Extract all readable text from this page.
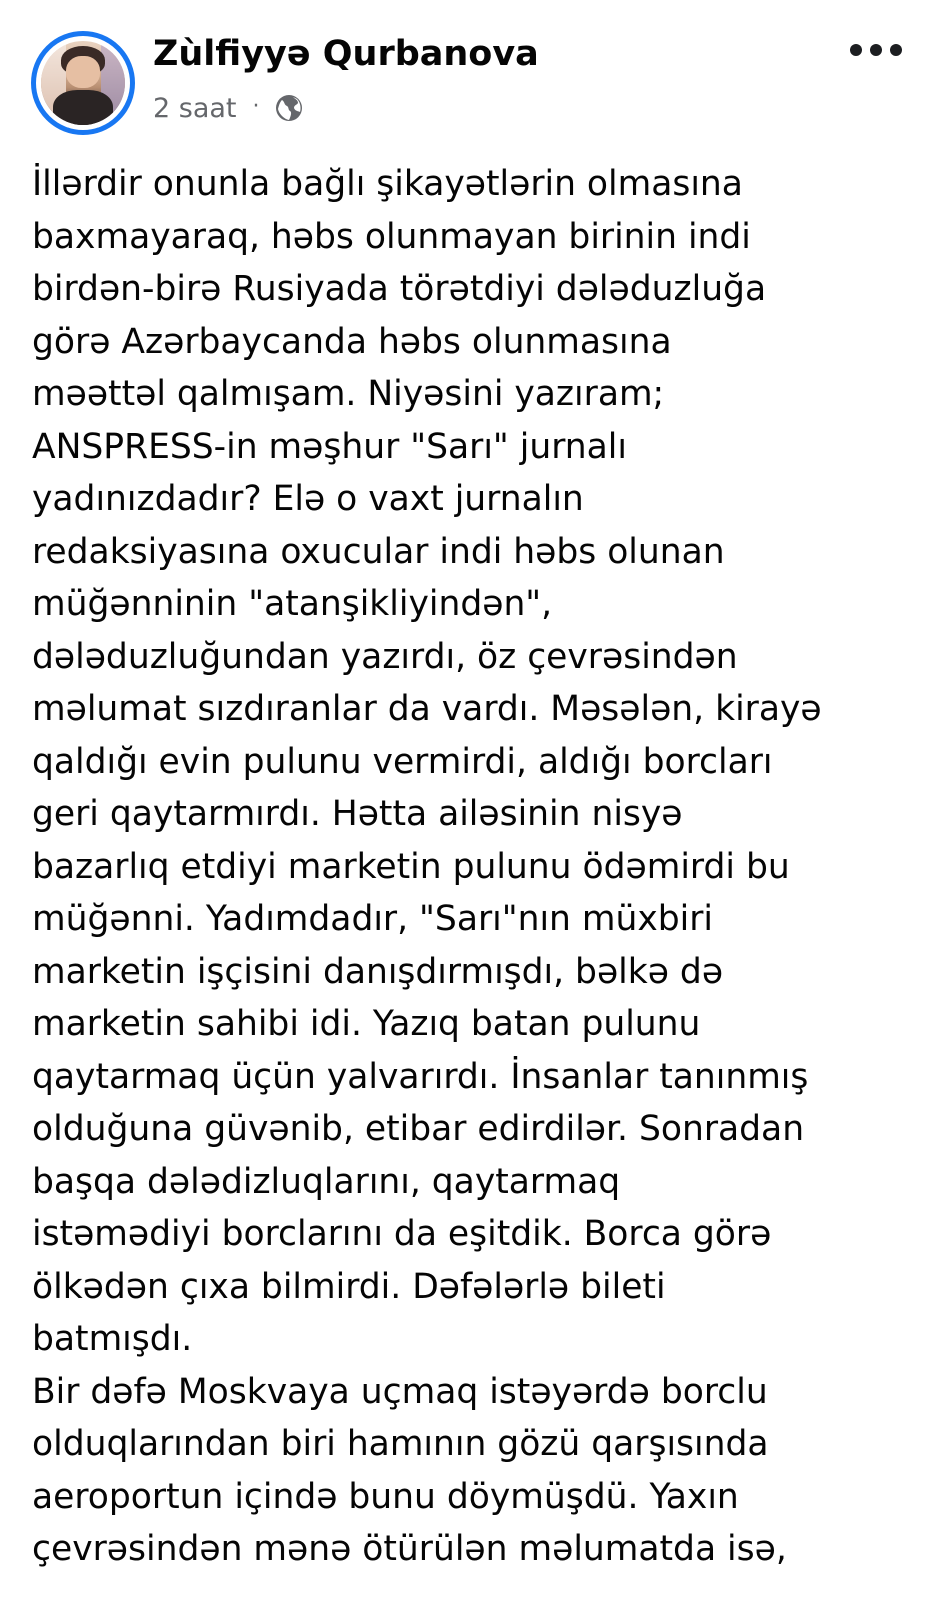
Zùlfiyyə Qurbanova
2 saat ·
İllərdir onunla bağlı şikayətlərin olmasına
baxmayaraq, həbs olunmayan birinin indi
birdən-birə Rusiyada törətdiyi dələduzluğa
görə Azərbaycanda həbs olunmasına
məəttəl qalmışam. Niyəsini yazıram;
ANSPRESS-in məşhur "Sarı" jurnalı
yadınızdadır? Elə o vaxt jurnalın
redaksiyasına oxucular indi həbs olunan
müğənninin "atanşikliyindən",
dələduzluğundan yazırdı, öz çevrəsindən
məlumat sızdıranlar da vardı. Məsələn, kirayə
qaldığı evin pulunu vermirdi, aldığı borcları
geri qaytarmırdı. Hətta ailəsinin nisyə
bazarlıq etdiyi marketin pulunu ödəmirdi bu
müğənni. Yadımdadır, "Sarı"nın müxbiri
marketin işçisini danışdırmışdı, bəlkə də
marketin sahibi idi. Yazıq batan pulunu
qaytarmaq üçün yalvarırdı. İnsanlar tanınmış
olduğuna güvənib, etibar edirdilər. Sonradan
başqa dələdizluqlarını, qaytarmaq
istəmədiyi borclarını da eşitdik. Borca görə
ölkədən çıxa bilmirdi. Dəfələrlə bileti
batmışdı.
Bir dəfə Moskvaya uçmaq istəyərdə borclu
olduqlarından biri hamının gözü qarşısında
aeroportun içində bunu döymüşdü. Yaxın
çevrəsindən mənə ötürülən məlumatda isə,
